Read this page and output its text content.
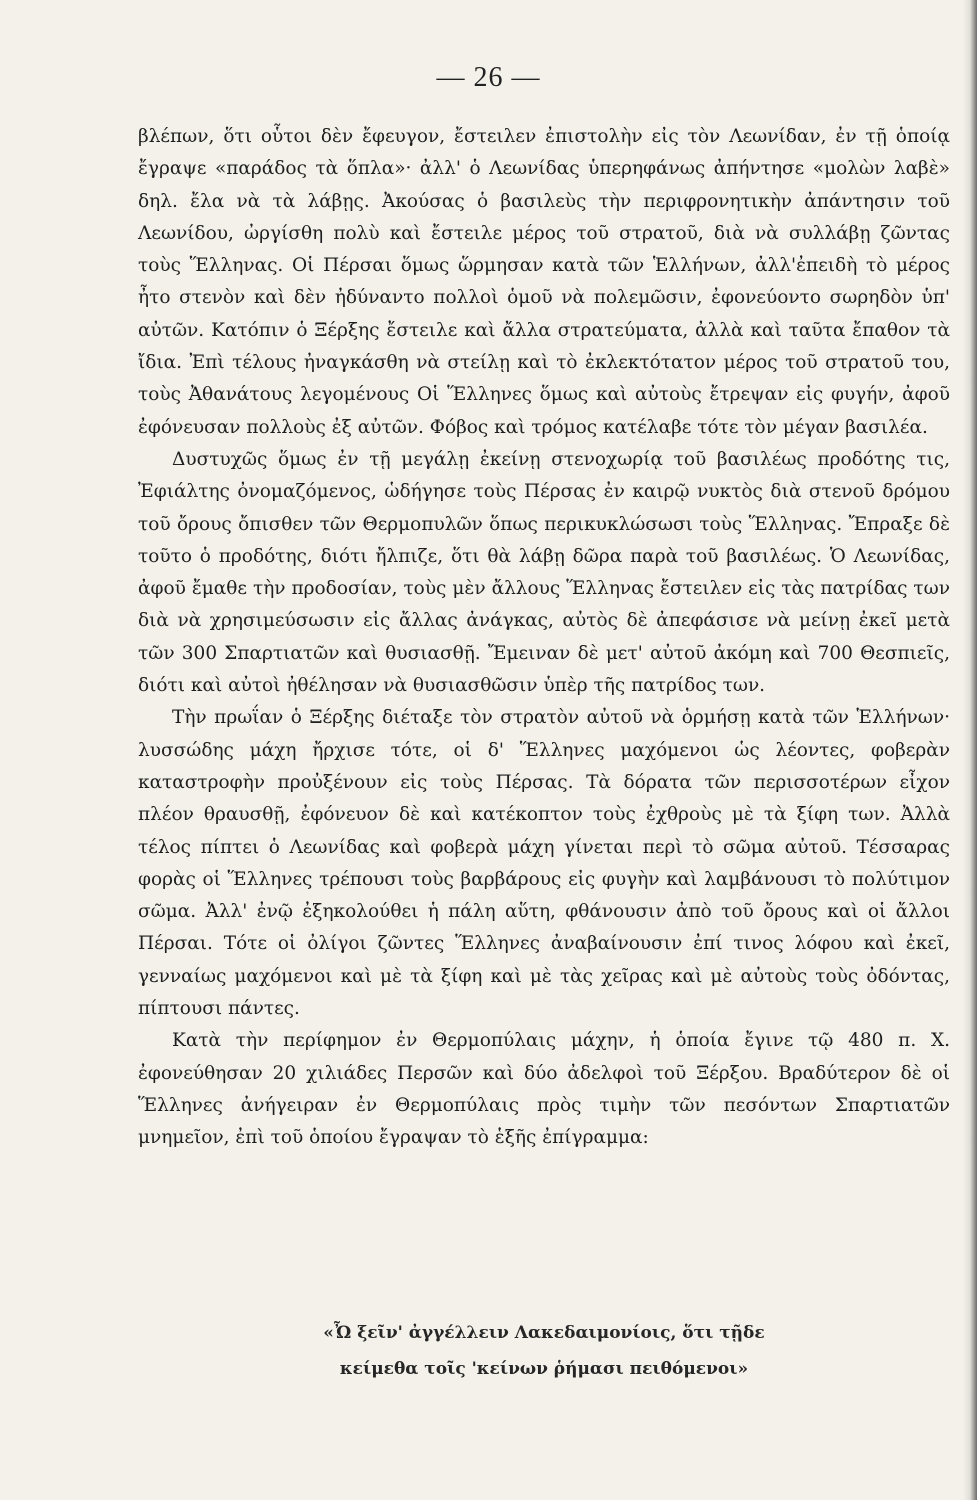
— 26 —

βλέπων, ὅτι οὗτοι δὲν ἔφευγον, ἔστειλεν ἐπιστολὴν εἰς τὸν Λεωνίδαν, ἐν τῇ ὁποίᾳ ἔγραψε «παράδος τὰ ὅπλα»· ἀλλ' ὁ Λεωνίδας ὑπερηφάνως ἀπήντησε «μολὼν λαβὲ» δηλ. ἔλα νὰ τὰ λάβῃς. Ἀκούσας ὁ βασιλεὺς τὴν περιφρονητικὴν ἀπάντησιν τοῦ Λεωνίδου, ὠργίσθη πολὺ καὶ ἔστειλε μέρος τοῦ στρατοῦ, διὰ νὰ συλλάβῃ ζῶντας τοὺς Ἕλληνας. Οἱ Πέρσαι ὅμως ὥρμησαν κατὰ τῶν Ἑλλήνων, ἀλλ'ἐπειδὴ τὸ μέρος ἦτο στενὸν καὶ δὲν ἠδύναντο πολλοὶ ὁμοῦ νὰ πολεμῶσιν, ἐφονεύοντο σωρηδὸν ὑπ' αὐτῶν. Κατόπιν ὁ Ξέρξης ἔστειλε καὶ ἄλλα στρατεύματα, ἀλλὰ καὶ ταῦτα ἔπαθον τὰ ἴδια. Ἐπὶ τέλους ἠναγκάσθη νὰ στείλῃ καὶ τὸ ἐκλεκτότατον μέρος τοῦ στρατοῦ του, τοὺς Ἀθανάτους λεγομένους Οἱ Ἕλληνες ὅμως καὶ αὐτοὺς ἔτρεψαν εἰς φυγήν, ἀφοῦ ἐφόνευσαν πολλοὺς ἐξ αὐτῶν. Φόβος καὶ τρόμος κατέλαβε τότε τὸν μέγαν βασιλέα.

Δυστυχῶς ὅμως ἐν τῇ μεγάλῃ ἐκείνῃ στενοχωρίᾳ τοῦ βασιλέως προδότης τις, Ἐφιάλτης ὀνομαζόμενος, ὡδήγησε τοὺς Πέρσας ἐν καιρῷ νυκτὸς διὰ στενοῦ δρόμου τοῦ ὄρους ὄπισθεν τῶν Θερμοπυλῶν ὅπως περικυκλώσωσι τοὺς Ἕλληνας. Ἔπραξε δὲ τοῦτο ὁ προδότης, διότι ἤλπιζε, ὅτι θὰ λάβῃ δῶρα παρὰ τοῦ βασιλέως. Ὁ Λεωνίδας, ἀφοῦ ἔμαθε τὴν προδοσίαν, τοὺς μὲν ἄλλους Ἕλληνας ἔστειλεν εἰς τὰς πατρίδας των διὰ νὰ χρησιμεύσωσιν εἰς ἄλλας ἀνάγκας, αὐτὸς δὲ ἀπεφάσισε νὰ μείνῃ ἐκεῖ μετὰ τῶν 300 Σπαρτιατῶν καὶ θυσιασθῇ. Ἔμειναν δὲ μετ' αὐτοῦ ἀκόμη καὶ 700 Θεσπιεῖς, διότι καὶ αὐτοὶ ἠθέλησαν νὰ θυσιασθῶσιν ὑπὲρ τῆς πατρίδος των.

Τὴν πρωΐαν ὁ Ξέρξης διέταξε τὸν στρατὸν αὐτοῦ νὰ ὁρμήσῃ κατὰ τῶν Ἑλλήνων· λυσσώδης μάχη ἤρχισε τότε, οἱ δ' Ἕλληνες μαχόμενοι ὡς λέοντες, φοβερὰν καταστροφὴν προὐξένουν εἰς τοὺς Πέρσας. Τὰ δόρατα τῶν περισσοτέρων εἶχον πλέον θραυσθῇ, ἐφόνευον δὲ καὶ κατέκοπτον τοὺς ἐχθροὺς μὲ τὰ ξίφη των. Ἀλλὰ τέλος πίπτει ὁ Λεωνίδας καὶ φοβερὰ μάχη γίνεται περὶ τὸ σῶμα αὐτοῦ. Τέσσαρας φορὰς οἱ Ἕλληνες τρέπουσι τοὺς βαρβάρους εἰς φυγὴν καὶ λαμβάνουσι τὸ πολύτιμον σῶμα. Ἀλλ' ἐνῷ ἐξηκολούθει ἡ πάλη αὕτη, φθάνουσιν ἀπὸ τοῦ ὄρους καὶ οἱ ἄλλοι Πέρσαι. Τότε οἱ ὀλίγοι ζῶντες Ἕλληνες ἀναβαίνουσιν ἐπί τινος λόφου καὶ ἐκεῖ, γενναίως μαχόμενοι καὶ μὲ τὰ ξίφη καὶ μὲ τὰς χεῖρας καὶ μὲ αὐτοὺς τοὺς ὀδόντας, πίπτουσι πάντες.

Κατὰ τὴν περίφημον ἐν Θερμοπύλαις μάχην, ἡ ὁποία ἔγινε τῷ 480 π. Χ. ἐφονεύθησαν 20 χιλιάδες Περσῶν καὶ δύο ἀδελφοὶ τοῦ Ξέρξου. Βραδύτερον δὲ οἱ Ἕλληνες ἀνήγειραν ἐν Θερμοπύλαις πρὸς τιμὴν τῶν πεσόντων Σπαρτιατῶν μνημεῖον, ἐπὶ τοῦ ὁποίου ἔγραψαν τὸ ἑξῆς ἐπίγραμμα:

«Ὦ ξεῖν' ἀγγέλλειν Λακεδαιμονίοις, ὅτι τῇδε
κείμεθα τοῖς 'κείνων ῥήμασι πειθόμενοι»
